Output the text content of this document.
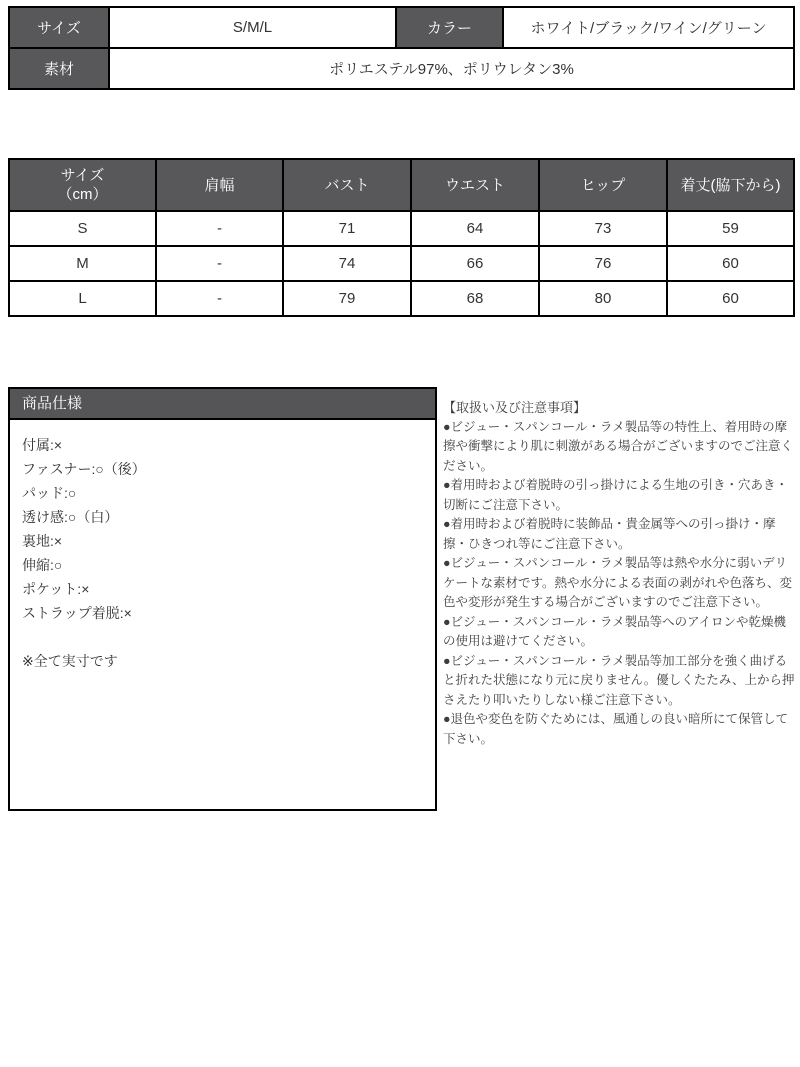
サイズ	S/M/L	カラー	ホワイト/ブラック/ワイン/グリーン
素材	ポリエステル97%、ポリウレタン3%		
サイズ
（cm）	肩幅	バスト	ウエスト	ヒップ	着丈(脇下から)
S	-	71	64	73	59
M	-	74	66	76	60
L	-	79	68	80	60
商品仕様

付属:×

ファスナー:○（後）

パッド:○

透け感:○（白）

裏地:×

伸縮:○

ポケット:×

ストラップ着脱:×

※全て実寸です

【取扱い及び注意事項】

●ビジュー・スパンコール・ラメ製品等の特性上、着用時の摩擦や衝撃により肌に刺激がある場合がございますのでご注意ください。

●着用時および着脱時の引っ掛けによる生地の引き・穴あき・切断にご注意下さい。

●着用時および着脱時に装飾品・貴金属等への引っ掛け・摩擦・ひきつれ等にご注意下さい。

●ビジュー・スパンコール・ラメ製品等は熱や水分に弱いデリケートな素材です。熱や水分による表面の剥がれや色落ち、変色や変形が発生する場合がございますのでご注意下さい。

●ビジュー・スパンコール・ラメ製品等へのアイロンや乾燥機の使用は避けてください。

●ビジュー・スパンコール・ラメ製品等加工部分を強く曲げると折れた状態になり元に戻りません。優しくたたみ、上から押さえたり叩いたりしない様ご注意下さい。

●退色や変色を防ぐためには、風通しの良い暗所にて保管して下さい。
